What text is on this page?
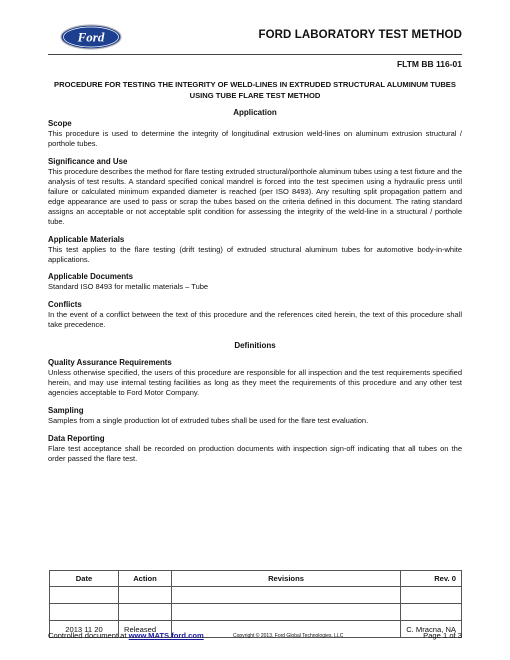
Ford	FORD LABORATORY TEST METHOD
FLTM BB 116-01
PROCEDURE FOR TESTING THE INTEGRITY OF WELD-LINES IN EXTRUDED STRUCTURAL ALUMINUM TUBES USING TUBE FLARE TEST METHOD
Application
Scope

This procedure is used to determine the integrity of longitudinal extrusion weld-lines on aluminum extrusion structural / porthole tubes.

Significance and Use

This procedure describes the method for flare testing extruded structural/porthole aluminum tubes using a test fixture and the analysis of test results. A standard specified conical mandrel is forced into the test specimen using a hydraulic press until failure or calculated minimum expanded diameter is reached (per ISO 8493). Any resulting split propagation pattern and edge appearance are used to pass or scrap the tubes based on the criteria defined in this document. The rating standard assigns an acceptable or not acceptable split condition for assessing the integrity of the weld-line in a structural / porthole tube.

Applicable Materials

This test applies to the flare testing (drift testing) of extruded structural aluminum tubes for automotive body-in-white applications.

Applicable Documents

Standard ISO 8493 for metallic materials – Tube

Conflicts

In the event of a conflict between the text of this procedure and the references cited herein, the text of this procedure shall take precedence.

Definitions
Quality Assurance Requirements

Unless otherwise specified, the users of this procedure are responsible for all inspection and the test requirements specified herein, and may use internal testing facilities as long as they meet the requirements of this procedure and any other test agencies acceptable to Ford Motor Company.

Sampling

Samples from a single production lot of extruded tubes shall be used for the flare test evaluation.

Data Reporting

Flare test acceptance shall be recorded on production documents with inspection sign-off indicating that all tubes on the order passed the flare test.

Date	Action	Revisions	Rev. 0

2013 11 20	Released		C. Mracna, NA
Controlled document at www.MATS.ford.com	Copyright © 2013, Ford Global Technologies, LLC	Page 1 of 3
